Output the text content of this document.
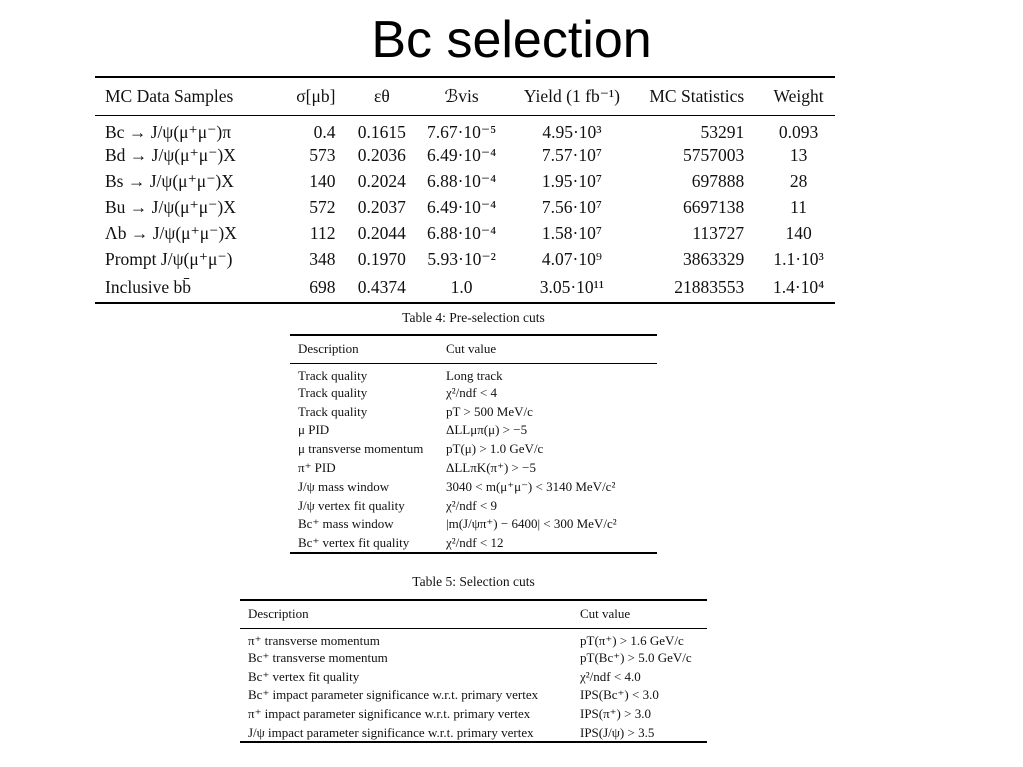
Bc selection
MC Data Samples	σ[μb]	εθ	ℬvis	Yield (1 fb⁻¹)	MC Statistics	Weight
Bc → J/ψ(μ⁺μ⁻)π	0.4	0.1615	7.67·10⁻⁵	4.95·10³	53291	0.093
Bd → J/ψ(μ⁺μ⁻)X	573	0.2036	6.49·10⁻⁴	7.57·10⁷	5757003	13
Bs → J/ψ(μ⁺μ⁻)X	140	0.2024	6.88·10⁻⁴	1.95·10⁷	697888	28
Bu → J/ψ(μ⁺μ⁻)X	572	0.2037	6.49·10⁻⁴	7.56·10⁷	6697138	11
Λb → J/ψ(μ⁺μ⁻)X	112	0.2044	6.88·10⁻⁴	1.58·10⁷	113727	140
Prompt J/ψ(μ⁺μ⁻)	348	0.1970	5.93·10⁻²	4.07·10⁹	3863329	1.1·10³
Inclusive bb̄	698	0.4374	1.0	3.05·10¹¹	21883553	1.4·10⁴
Table 4: Pre-selection cuts
Description	Cut value
Track quality	Long track
Track quality	χ²/ndf < 4
Track quality	pT > 500 MeV/c
μ PID	ΔLLμπ(μ) > −5
μ transverse momentum	pT(μ) > 1.0 GeV/c
π⁺ PID	ΔLLπK(π⁺) > −5
J/ψ mass window	3040 < m(μ⁺μ⁻) < 3140 MeV/c²
J/ψ vertex fit quality	χ²/ndf < 9
Bc⁺ mass window	|m(J/ψπ⁺) − 6400| < 300 MeV/c²
Bc⁺ vertex fit quality	χ²/ndf < 12
Table 5: Selection cuts
Description	Cut value
π⁺ transverse momentum	pT(π⁺) > 1.6 GeV/c
Bc⁺ transverse momentum	pT(Bc⁺) > 5.0 GeV/c
Bc⁺ vertex fit quality	χ²/ndf < 4.0
Bc⁺ impact parameter significance w.r.t. primary vertex	IPS(Bc⁺) < 3.0
π⁺ impact parameter significance w.r.t. primary vertex	IPS(π⁺) > 3.0
J/ψ impact parameter significance w.r.t. primary vertex	IPS(J/ψ) > 3.5
